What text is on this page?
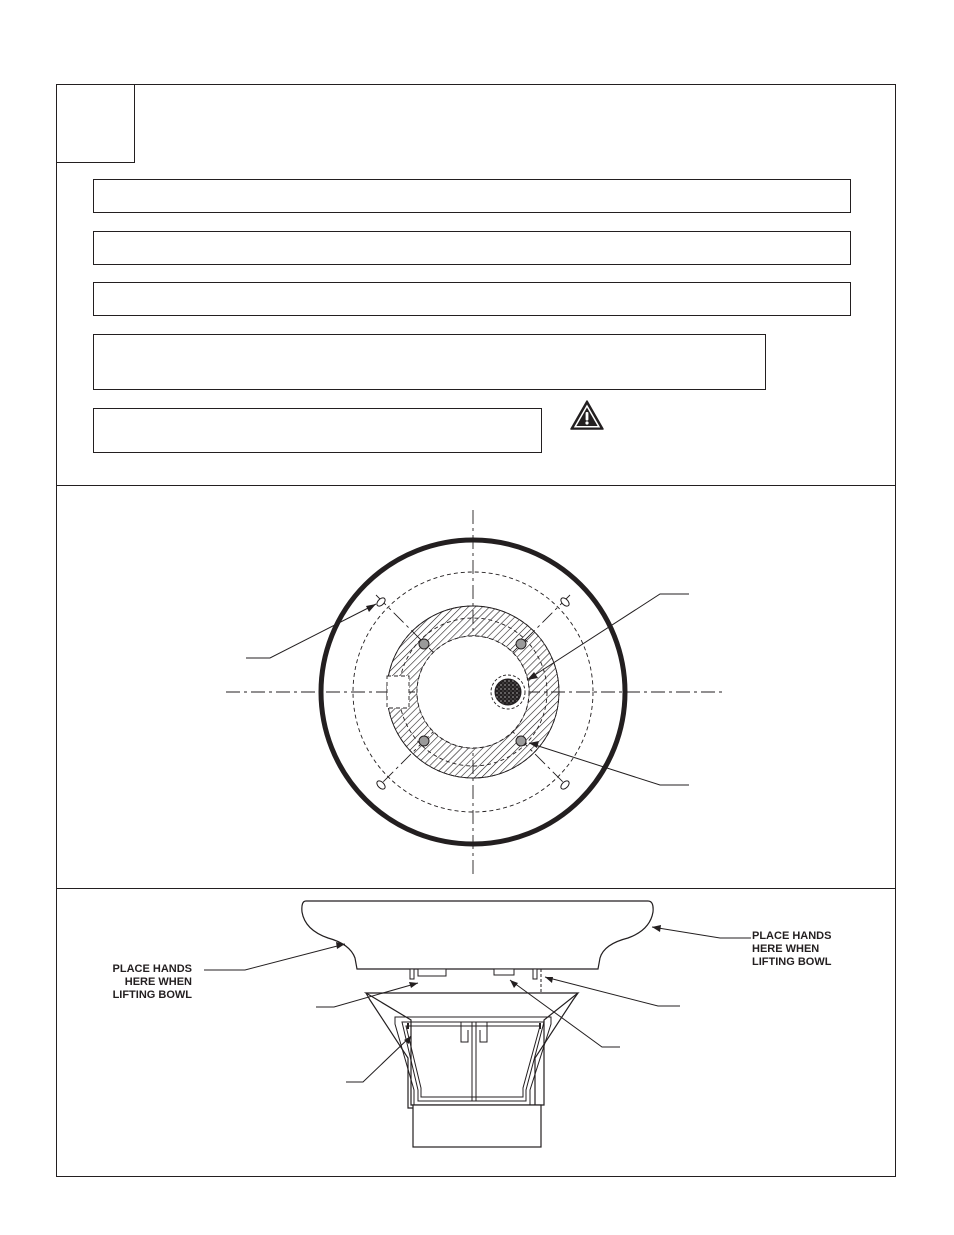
PLACE HANDS
HERE WHEN
LIFTING BOWL
PLACE HANDS
HERE WHEN
LIFTING BOWL
